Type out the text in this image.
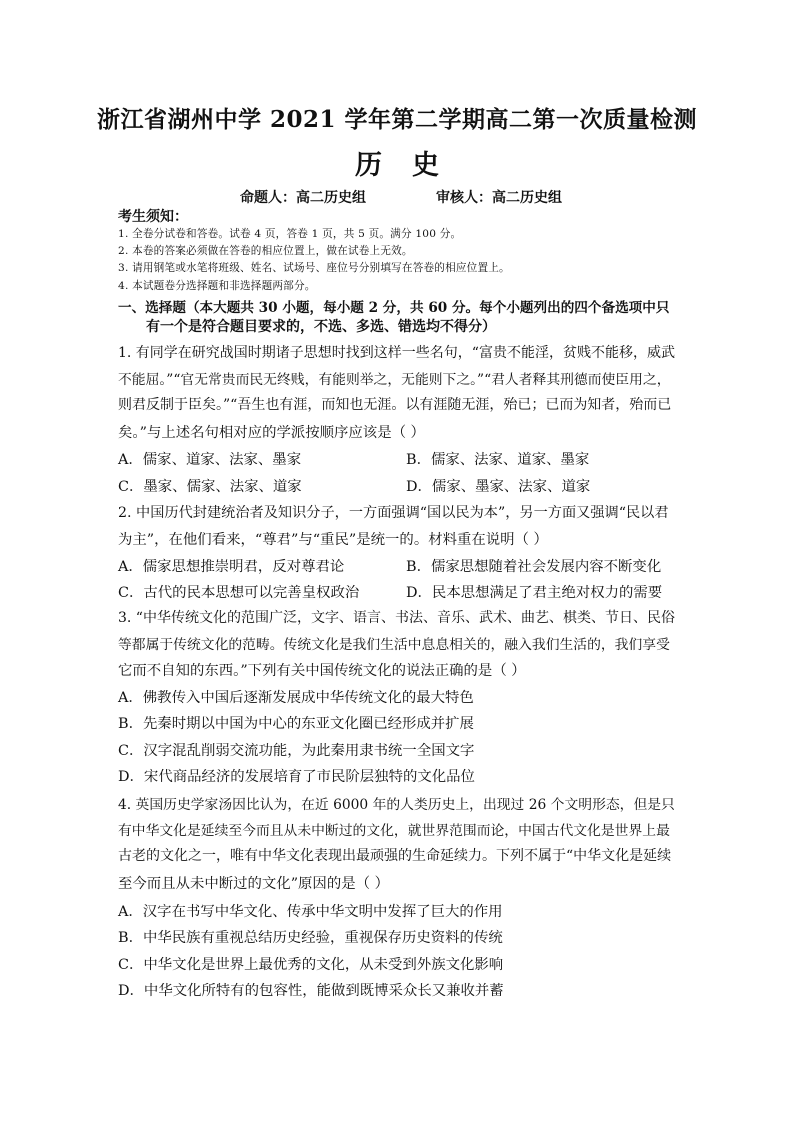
浙江省湖州中学 2021 学年第二学期高二第一次质量检测
历史
命题人：高二历史组	审核人：高二历史组
考生须知：
1. 全卷分试卷和答卷。试卷 4 页，答卷 1 页，共 5 页。满分 100 分。
2. 本卷的答案必须做在答卷的相应位置上，做在试卷上无效。
3. 请用钢笔或水笔将班级、姓名、试场号、座位号分别填写在答卷的相应位置上。
4. 本试题卷分选择题和非选择题两部分。
一、选择题（本大题共 30 小题，每小题 2 分，共 60 分。每个小题列出的四个备选项中只
有一个是符合题目要求的，不选、多选、错选均不得分）
1. 有同学在研究战国时期诸子思想时找到这样一些名句，“富贵不能淫，贫贱不能移，威武
不能屈。”“官无常贵而民无终贱，有能则举之，无能则下之。”“君人者释其刑德而使臣用之，
则君反制于臣矣。”“吾生也有涯，而知也无涯。以有涯随无涯，殆已；已而为知者，殆而已
矣。”与上述名句相对应的学派按顺序应该是（ ）
A．儒家、道家、法家、墨家	B．儒家、法家、道家、墨家
C．墨家、儒家、法家、道家	D．儒家、墨家、法家、道家
2. 中国历代封建统治者及知识分子，一方面强调“国以民为本”，另一方面又强调“民以君
为主”，在他们看来，“尊君”与“重民”是统一的。材料重在说明（ ）
A．儒家思想推崇明君，反对尊君论	B．儒家思想随着社会发展内容不断变化
C．古代的民本思想可以完善皇权政治	D．民本思想满足了君主绝对权力的需要
3. “中华传统文化的范围广泛，文字、语言、书法、音乐、武术、曲艺、棋类、节日、民俗
等都属于传统文化的范畴。传统文化是我们生活中息息相关的，融入我们生活的，我们享受
它而不自知的东西。”下列有关中国传统文化的说法正确的是（ ）
A．佛教传入中国后逐渐发展成中华传统文化的最大特色
B．先秦时期以中国为中心的东亚文化圈已经形成并扩展
C．汉字混乱削弱交流功能，为此秦用隶书统一全国文字
D．宋代商品经济的发展培育了市民阶层独特的文化品位
4. 英国历史学家汤因比认为，在近 6000 年的人类历史上，出现过 26 个文明形态，但是只
有中华文化是延续至今而且从未中断过的文化，就世界范围而论，中国古代文化是世界上最
古老的文化之一，唯有中华文化表现出最顽强的生命延续力。下列不属于“中华文化是延续
至今而且从未中断过的文化”原因的是（ ）
A．汉字在书写中华文化、传承中华文明中发挥了巨大的作用
B．中华民族有重视总结历史经验，重视保存历史资料的传统
C．中华文化是世界上最优秀的文化，从未受到外族文化影响
D．中华文化所特有的包容性，能做到既博采众长又兼收并蓄
